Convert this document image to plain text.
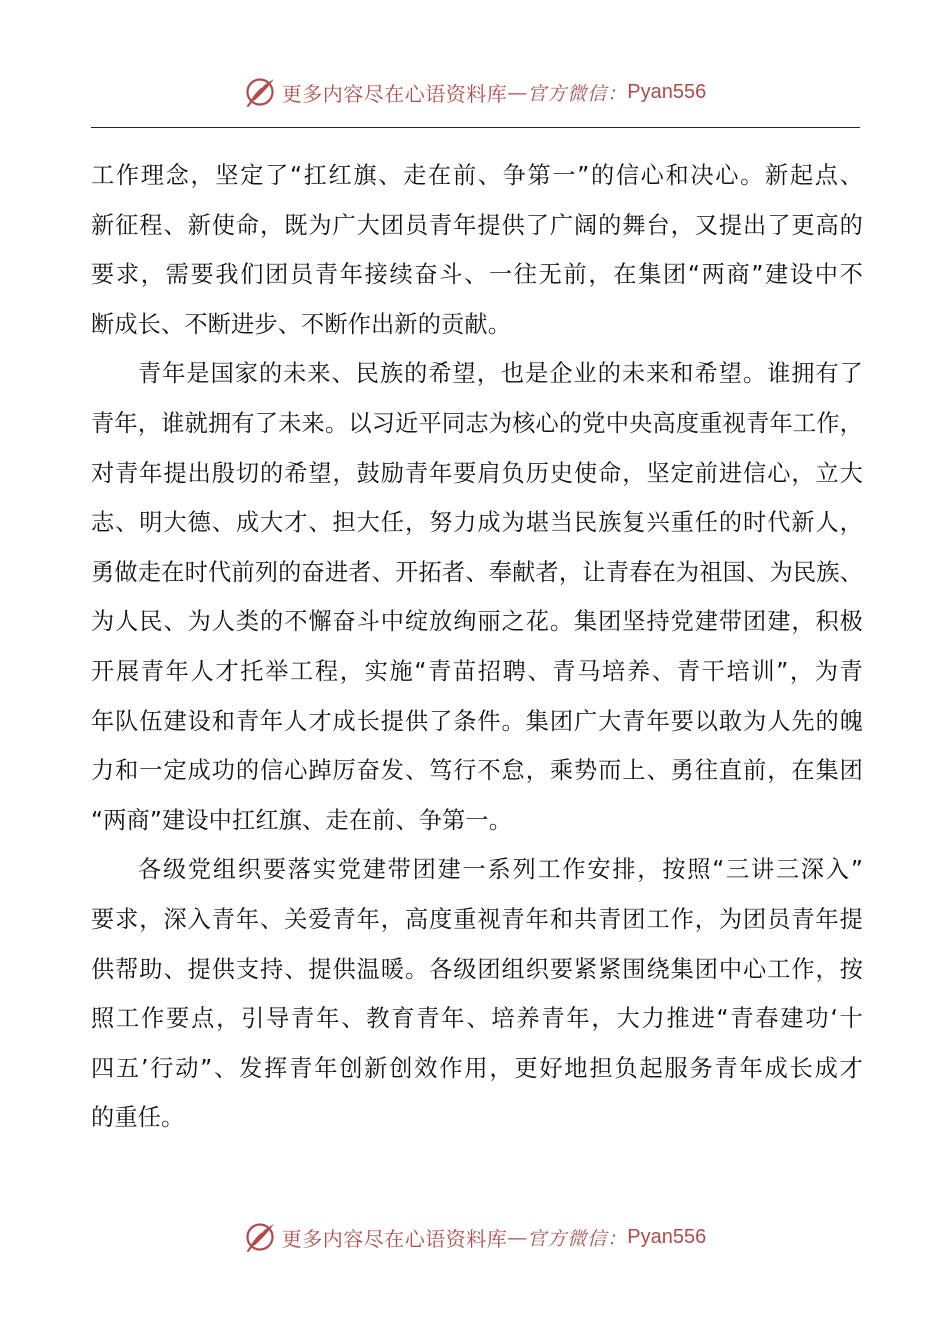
更多内容尽在心语资料库 — 官方微信： Pyan556
工作理念，坚定了“扛红旗、走在前、争第一”的信心和决心。新起点、
新征程、新使命，既为广大团员青年提供了广阔的舞台，又提出了更高的
要求，需要我们团员青年接续奋斗、一往无前，在集团“两商”建设中不
断成长、不断进步、不断作出新的贡献。
青年是国家的未来、民族的希望，也是企业的未来和希望。谁拥有了
青年，谁就拥有了未来。以习近平同志为核心的党中央高度重视青年工作，
对青年提出殷切的希望，鼓励青年要肩负历史使命，坚定前进信心，立大
志、明大德、成大才、担大任，努力成为堪当民族复兴重任的时代新人，
勇做走在时代前列的奋进者、开拓者、奉献者，让青春在为祖国、为民族、
为人民、为人类的不懈奋斗中绽放绚丽之花。集团坚持党建带团建，积极
开展青年人才托举工程，实施“青苗招聘、青马培养、青干培训”，为青
年队伍建设和青年人才成长提供了条件。集团广大青年要以敢为人先的魄
力和一定成功的信心踔厉奋发、笃行不怠，乘势而上、勇往直前，在集团
“两商”建设中扛红旗、走在前、争第一。
各级党组织要落实党建带团建一系列工作安排，按照“三讲三深入”
要求，深入青年、关爱青年，高度重视青年和共青团工作，为团员青年提
供帮助、提供支持、提供温暖。各级团组织要紧紧围绕集团中心工作，按
照工作要点，引导青年、教育青年、培养青年，大力推进“青春建功‘十
四五’行动”、发挥青年创新创效作用，更好地担负起服务青年成长成才
的重任。
更多内容尽在心语资料库 — 官方微信： Pyan556
